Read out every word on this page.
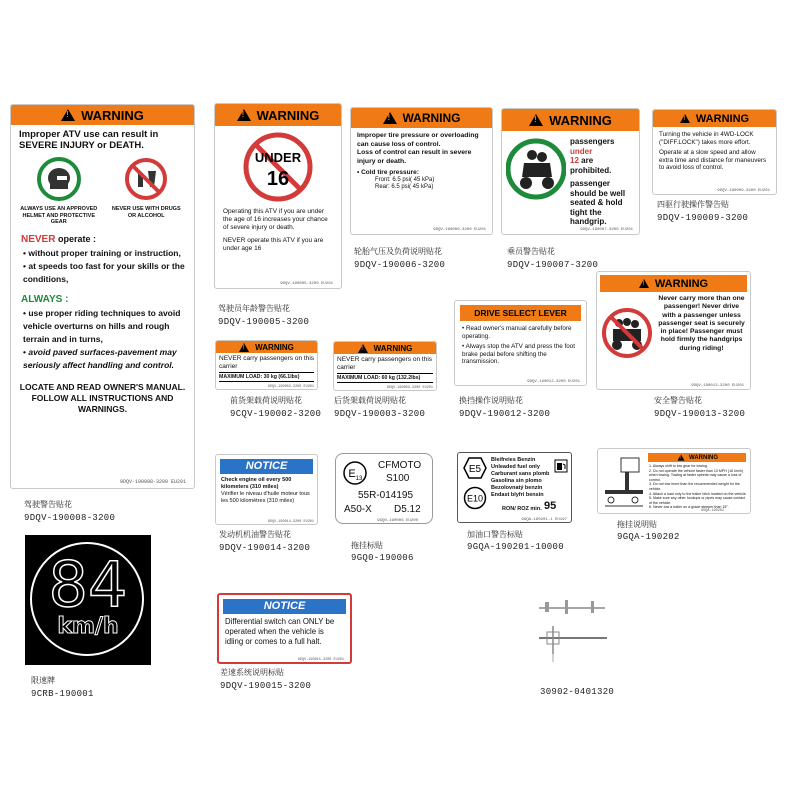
!
WARNING
Improper ATV use can result in SEVERE INJURY or DEATH.
ALWAYS USE AN APPROVED HELMET AND PROTECTIVE GEAR
NEVER USE WITH DRUGS OR ALCOHOL
NEVER operate :
• without proper training or instruction,
• at speeds too fast for your skills or the conditions,
ALWAYS :
• use proper riding techniques to avoid vehicle overturns on hills and rough terrain and in turns,
• avoid paved surfaces-pavement may seriously affect handling and control.
LOCATE AND READ OWNER'S MANUAL. FOLLOW ALL INSTRUCTIONS AND WARNINGS.
9DQV-190008-3200 EU201
驾驶警告贴花
9DQV-190008-3200
!
WARNING
UNDER
16
Operating this ATV if you are under the age of 16 increases your chance of severe injury or death.
NEVER operate this ATV if you are under age 16
9DQV-190005-3200 EU201
驾驶员年龄警告贴花
9DQV-190005-3200
!
WARNING
Improper tire pressure or overloading can cause loss of control.
Loss of control can result in severe injury or death.
• Cold tire pressure:
Front: 6.5 psi( 45 kPa)
Rear: 6.5 psi( 45 kPa)
9DQV-190006-3200 EU201
轮胎气压及负荷说明贴花
9DQV-190006-3200
!
WARNING
passengers under
12 are prohibited.
passenger should be well seated & hold tight the handgrip.
9DQV-190007-3200 EU201
乘员警告贴花
9DQV-190007-3200
!
WARNING
Turning the vehicle in 4WD-LOCK ("DIFF.LOCK") takes more effort.
Operate at a slow speed and allow extra time and distance for maneuvers to avoid loss of control.
9DQV-190009-3200 EU201
四驱行驶操作警告贴
9DQV-190009-3200
!
WARNING
NEVER carry passengers on this carrier
MAXIMUM LOAD: 30 kg (66.1lbs)
9DQV-190002-3200 EU201
前货架载荷说明贴花
9CQV-190002-3200
!
WARNING
NEVER carry passengers on this carrier
MAXIMUM LOAD: 60 kg (132.2lbs)
9DQV-190003-3200 EU201
后货架载荷说明贴花
9DQV-190003-3200
DRIVE SELECT LEVER
• Read owner's manual carefully before operating.
• Always stop the ATV and press the foot brake pedal before shifting the transmission.
9DQV-190012-3200 EU201
换挡操作说明贴花
9DQV-190012-3200
!
WARNING
Never carry more than one passenger! Never drive with a passenger unless passenger seat is securely in place! Passenger must hold firmly the handgrips during riding!
9DQV-190013-3200 EU201
安全警告贴花
9DQV-190013-3200
NOTICE
Check engine oil every 500 kilometers (310 miles)
Vérifier le niveau d'huile moteur tous les 500 kilomètres (310 miles)
9DQV-190014-3200 EU201
发动机机油警告贴花
9DQV-190014-3200
E 13
CFMOTO
S100
55R-014195
A50-X D5.12
9GQ0-190006 EU200
拖挂标贴
9GQ0-190006
E5
E10
Bleifreies Benzin
Unleaded fuel only
Carburant sans plomb
Gasolina sin plomo
Bezolovnatý benzín
Endast blyfri bensin
RON/ ROZ min. 95
9GQA-190201-1 EU197
加油口警告标贴
9GQA-190201-10000
!
WARNING
1. Always shift to low gear for towing.
2. Do not operate the vehicle faster than 10 MPH (16 km/h) when towing. Towing at faster speeds may cause a loss of control.
3. Do not tow more than the recommended weight for the vehicle.
4. Attach a load only to the trailer hitch located on the vehicle.
5. Make sure any other hookups or pipes may cause contact of the vehicle.
6. Never tow a trailer on a grade steeper than 15°.
9GQA-190202
拖挂说明贴
9GQA-190202
84
km/h
限速牌
9CRB-190001
NOTICE
Differential switch can ONLY be operated when the vehicle is idling or comes to a full halt.
9DQV-190015-3200 EU201
差速系统说明标贴
9DQV-190015-3200
30902-0401320
